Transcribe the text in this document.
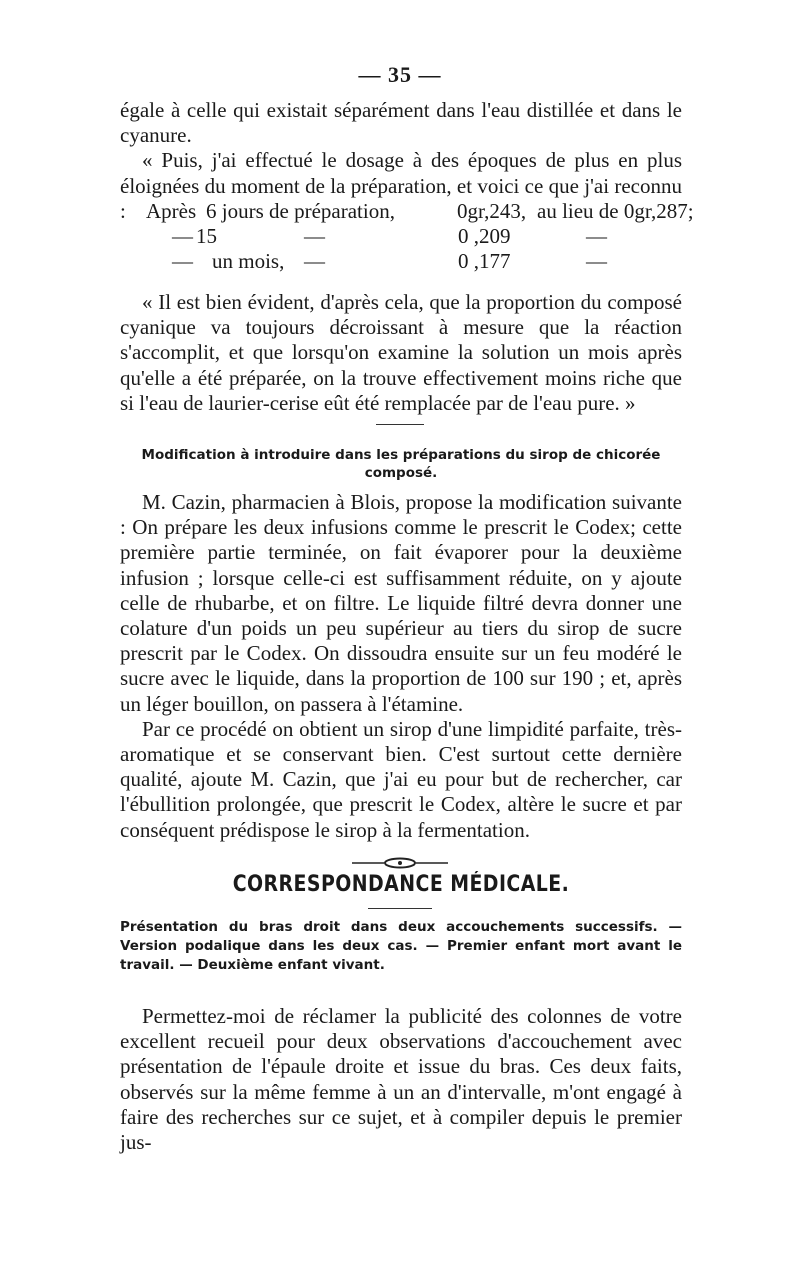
— 35 —

égale à celle qui existait séparément dans l'eau distillée et dans le cyanure.

« Puis, j'ai effectué le dosage à des époques de plus en plus éloignées du moment de la préparation, et voici ce que j'ai reconnu : Après 6 jours de préparation,	0gr,243, au lieu de 0gr,287;
— 15	—	0 ,209	—
— un mois, —	0 ,177	—

« Il est bien évident, d'après cela, que la proportion du composé cyanique va toujours décroissant à mesure que la réaction s'accomplit, et que lorsqu'on examine la solution un mois après qu'elle a été préparée, on la trouve effectivement moins riche que si l'eau de laurier-cerise eût été remplacée par de l'eau pure. »

Modification à introduire dans les préparations du sirop de chicorée composé.

M. Cazin, pharmacien à Blois, propose la modification suivante : On prépare les deux infusions comme le prescrit le Codex; cette première partie terminée, on fait évaporer pour la deuxième infusion ; lorsque celle-ci est suffisamment réduite, on y ajoute celle de rhubarbe, et on filtre. Le liquide filtré devra donner une colature d'un poids un peu supérieur au tiers du sirop de sucre prescrit par le Codex. On dissoudra ensuite sur un feu modéré le sucre avec le liquide, dans la proportion de 100 sur 190 ; et, après un léger bouillon, on passera à l'étamine.

Par ce procédé on obtient un sirop d'une limpidité parfaite, très-aromatique et se conservant bien. C'est surtout cette dernière qualité, ajoute M. Cazin, que j'ai eu pour but de rechercher, car l'ébullition prolongée, que prescrit le Codex, altère le sucre et par conséquent prédispose le sirop à la fermentation.

CORRESPONDANCE MÉDICALE.

Présentation du bras droit dans deux accouchements successifs. — Version podalique dans les deux cas. — Premier enfant mort avant le travail. — Deuxième enfant vivant.

Permettez-moi de réclamer la publicité des colonnes de votre excellent recueil pour deux observations d'accouchement avec présentation de l'épaule droite et issue du bras. Ces deux faits, observés sur la même femme à un an d'intervalle, m'ont engagé à faire des recherches sur ce sujet, et à compiler depuis le premier jus-
